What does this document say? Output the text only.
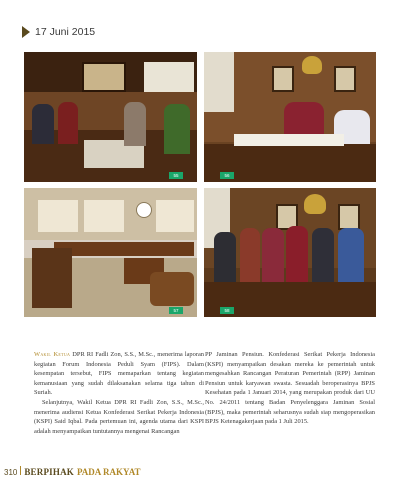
17 Juni 2015
55	56
57	58

Wakil Ketua DPR RI Fadli Zon, S.S., M.Sc., menerima laporan kegiatan Forum Indonesia Peduli Syam (FIPS). Dalam kesempatan tersebut, FIPS memaparkan tentang kegiatan kemanusiaan yang sudah dilaksanakan selama tiga tahun di Suriah.

Selanjutnya, Wakil Ketua DPR RI Fadli Zon, S.S., M.Sc., menerima audiensi Ketua Konfederasi Serikat Pekerja Indonesia (KSPI) Said Iqbal. Pada pertemuan ini, agenda utama dari KSPI adalah menyampaikan tuntutannya mengenai Rancangan

PP Jaminan Pensiun. Konfederasi Serikat Pekerja Indonesia (KSPI) menyampaikan desakan mereka ke pemerintah untuk mengesahkan Rancangan Peraturan Pemerintah (RPP) Jaminan Pensiun untuk karyawan swasta. Sesuadah beroperasinya BPJS Kesehatan pada 1 Januari 2014, yang merupakan produk dari UU No. 24/2011 tentang Badan Penyelenggara Jaminan Sosial (BPJS), maka pemerintah seharusnya sudah siap mengoperasikan BPJS Ketenagakerjaan pada 1 Juli 2015.

310 BERPIHAK PADA RAKYAT
